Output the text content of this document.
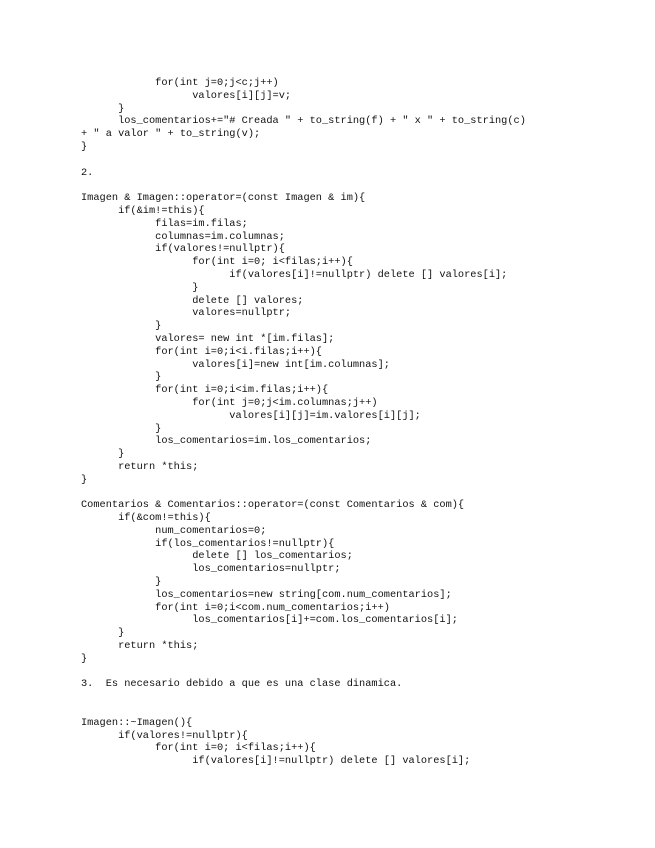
for(int j=0;j<c;j++)
valores[i][j]=v;
}
los_comentarios+="# Creada " + to_string(f) + " x " + to_string(c)
+ " a valor " + to_string(v);
}
2.
Imagen & Imagen::operator=(const Imagen & im){
if(&im!=this){
filas=im.filas;
columnas=im.columnas;
if(valores!=nullptr){
for(int i=0; i<filas;i++){
if(valores[i]!=nullptr) delete [] valores[i];
}
delete [] valores;
valores=nullptr;
}
valores= new int *[im.filas];
for(int i=0;i<i.filas;i++){
valores[i]=new int[im.columnas];
}
for(int i=0;i<im.filas;i++){
for(int j=0;j<im.columnas;j++)
valores[i][j]=im.valores[i][j];
}
los_comentarios=im.los_comentarios;
}
return *this;
}
Comentarios & Comentarios::operator=(const Comentarios & com){
if(&com!=this){
num_comentarios=0;
if(los_comentarios!=nullptr){
delete [] los_comentarios;
los_comentarios=nullptr;
}
los_comentarios=new string[com.num_comentarios];
for(int i=0;i<com.num_comentarios;i++)
los_comentarios[i]+=com.los_comentarios[i];
}
return *this;
}
3.  Es necesario debido a que es una clase dinamica.
Imagen::~Imagen(){
if(valores!=nullptr){
for(int i=0; i<filas;i++){
if(valores[i]!=nullptr) delete [] valores[i];
